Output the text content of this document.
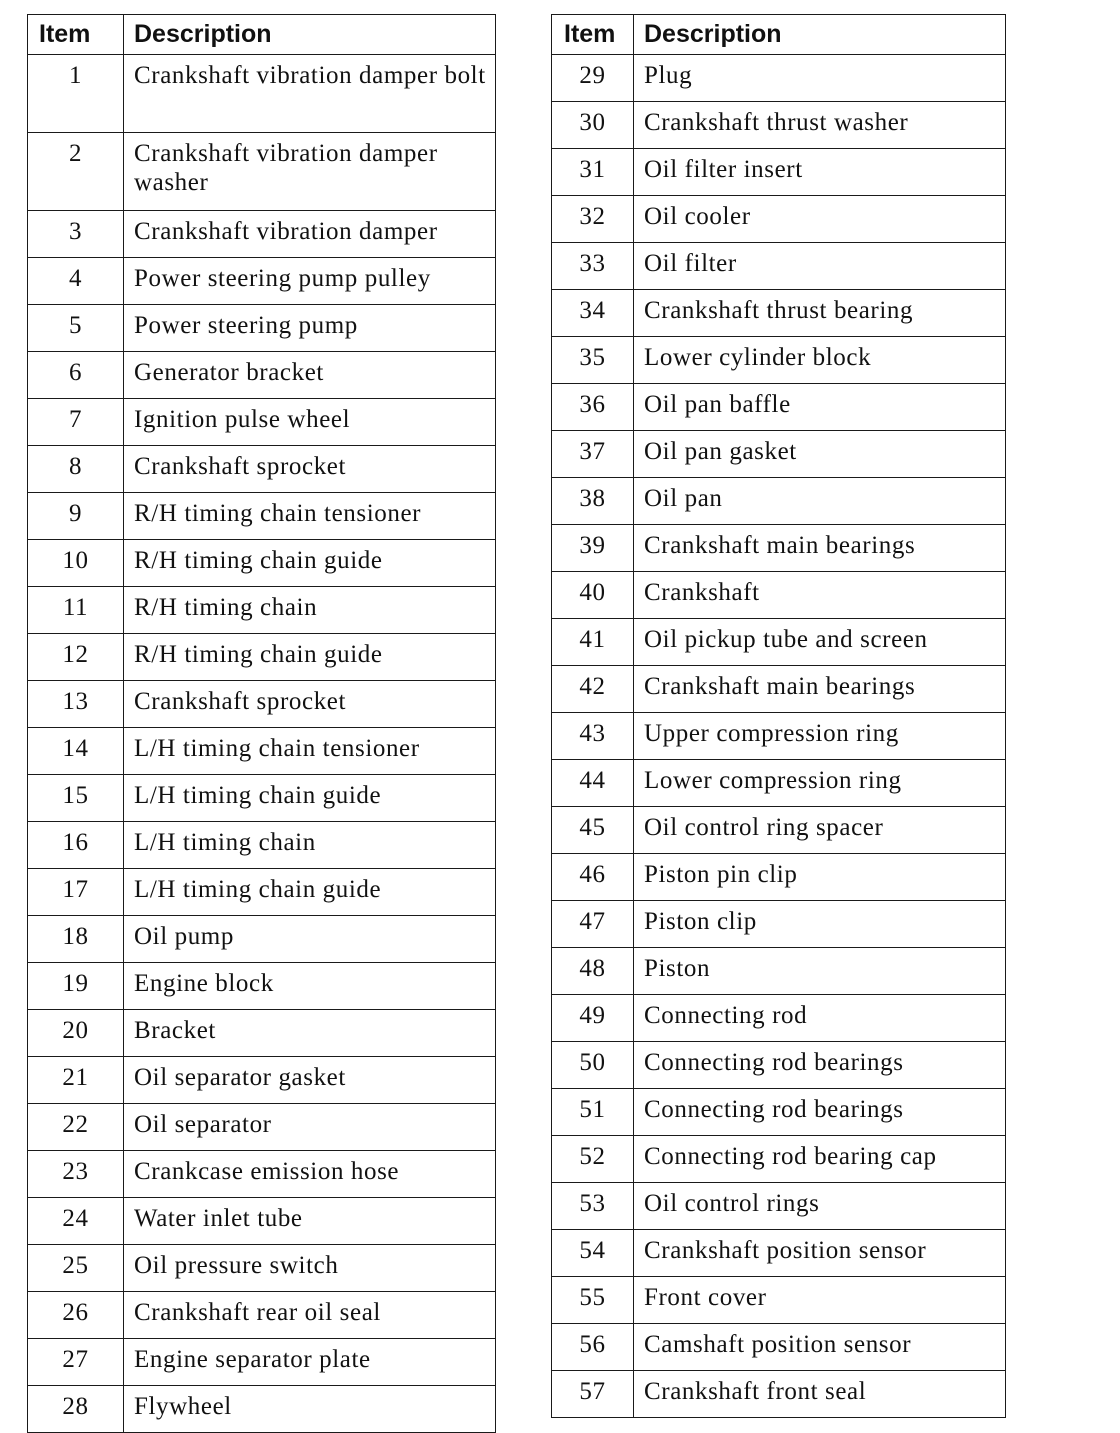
Item	Description
1	Crankshaft vibration damper bolt
2	Crankshaft vibration damper washer
3	Crankshaft vibration damper
4	Power steering pump pulley
5	Power steering pump
6	Generator bracket
7	Ignition pulse wheel
8	Crankshaft sprocket
9	R/H timing chain tensioner
10	R/H timing chain guide
11	R/H timing chain
12	R/H timing chain guide
13	Crankshaft sprocket
14	L/H timing chain tensioner
15	L/H timing chain guide
16	L/H timing chain
17	L/H timing chain guide
18	Oil pump
19	Engine block
20	Bracket
21	Oil separator gasket
22	Oil separator
23	Crankcase emission hose
24	Water inlet tube
25	Oil pressure switch
26	Crankshaft rear oil seal
27	Engine separator plate
28	Flywheel
Item	Description
29	Plug
30	Crankshaft thrust washer
31	Oil filter insert
32	Oil cooler
33	Oil filter
34	Crankshaft thrust bearing
35	Lower cylinder block
36	Oil pan baffle
37	Oil pan gasket
38	Oil pan
39	Crankshaft main bearings
40	Crankshaft
41	Oil pickup tube and screen
42	Crankshaft main bearings
43	Upper compression ring
44	Lower compression ring
45	Oil control ring spacer
46	Piston pin clip
47	Piston clip
48	Piston
49	Connecting rod
50	Connecting rod bearings
51	Connecting rod bearings
52	Connecting rod bearing cap
53	Oil control rings
54	Crankshaft position sensor
55	Front cover
56	Camshaft position sensor
57	Crankshaft front seal
